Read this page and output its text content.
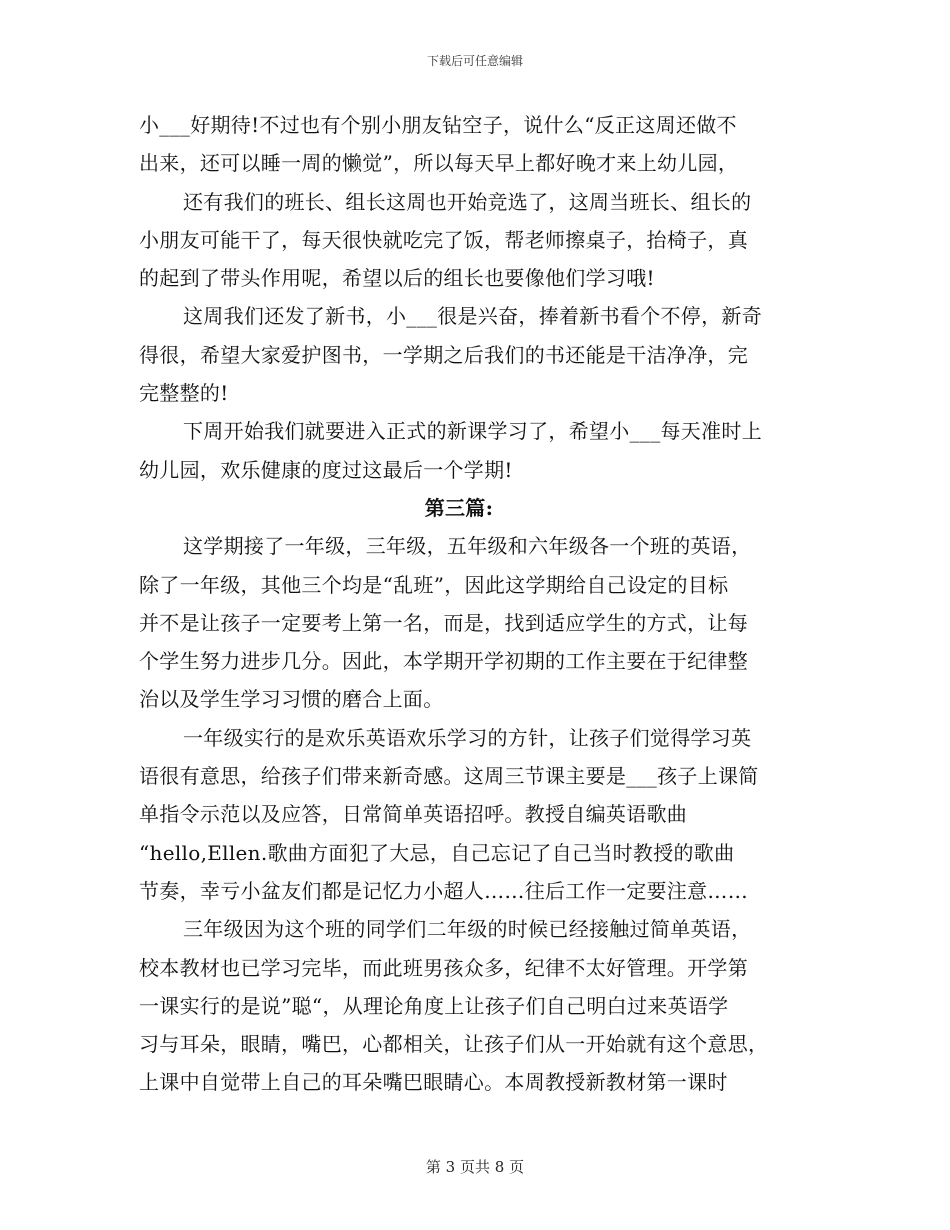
下载后可任意编辑
小___好期待!不过也有个别小朋友钻空子，说什么“反正这周还做不
出来，还可以睡一周的懒觉”，所以每天早上都好晚才来上幼儿园，
还有我们的班长、组长这周也开始竞选了，这周当班长、组长的
小朋友可能干了，每天很快就吃完了饭，帮老师擦桌子，抬椅子，真
的起到了带头作用呢，希望以后的组长也要像他们学习哦!
这周我们还发了新书，小___很是兴奋，捧着新书看个不停，新奇
得很，希望大家爱护图书，一学期之后我们的书还能是干洁净净，完
完整整的!
下周开始我们就要进入正式的新课学习了，希望小___每天准时上
幼儿园，欢乐健康的度过这最后一个学期!
第三篇:
这学期接了一年级，三年级，五年级和六年级各一个班的英语，
除了一年级，其他三个均是“乱班”，因此这学期给自己设定的目标
并不是让孩子一定要考上第一名，而是，找到适应学生的方式，让每
个学生努力进步几分。因此，本学期开学初期的工作主要在于纪律整
治以及学生学习习惯的磨合上面。
一年级实行的是欢乐英语欢乐学习的方针，让孩子们觉得学习英
语很有意思，给孩子们带来新奇感。这周三节课主要是___孩子上课简
单指令示范以及应答，日常简单英语招呼。教授自编英语歌曲
“hello,Ellen.歌曲方面犯了大忌，自己忘记了自己当时教授的歌曲
节奏，幸亏小盆友们都是记忆力小超人……往后工作一定要注意……
三年级因为这个班的同学们二年级的时候已经接触过简单英语，
校本教材也已学习完毕，而此班男孩众多，纪律不太好管理。开学第
一课实行的是说”聪“，从理论角度上让孩子们自己明白过来英语学
习与耳朵，眼睛，嘴巴，心都相关，让孩子们从一开始就有这个意思，
上课中自觉带上自己的耳朵嘴巴眼睛心。本周教授新教材第一课时
第 3 页共 8 页
